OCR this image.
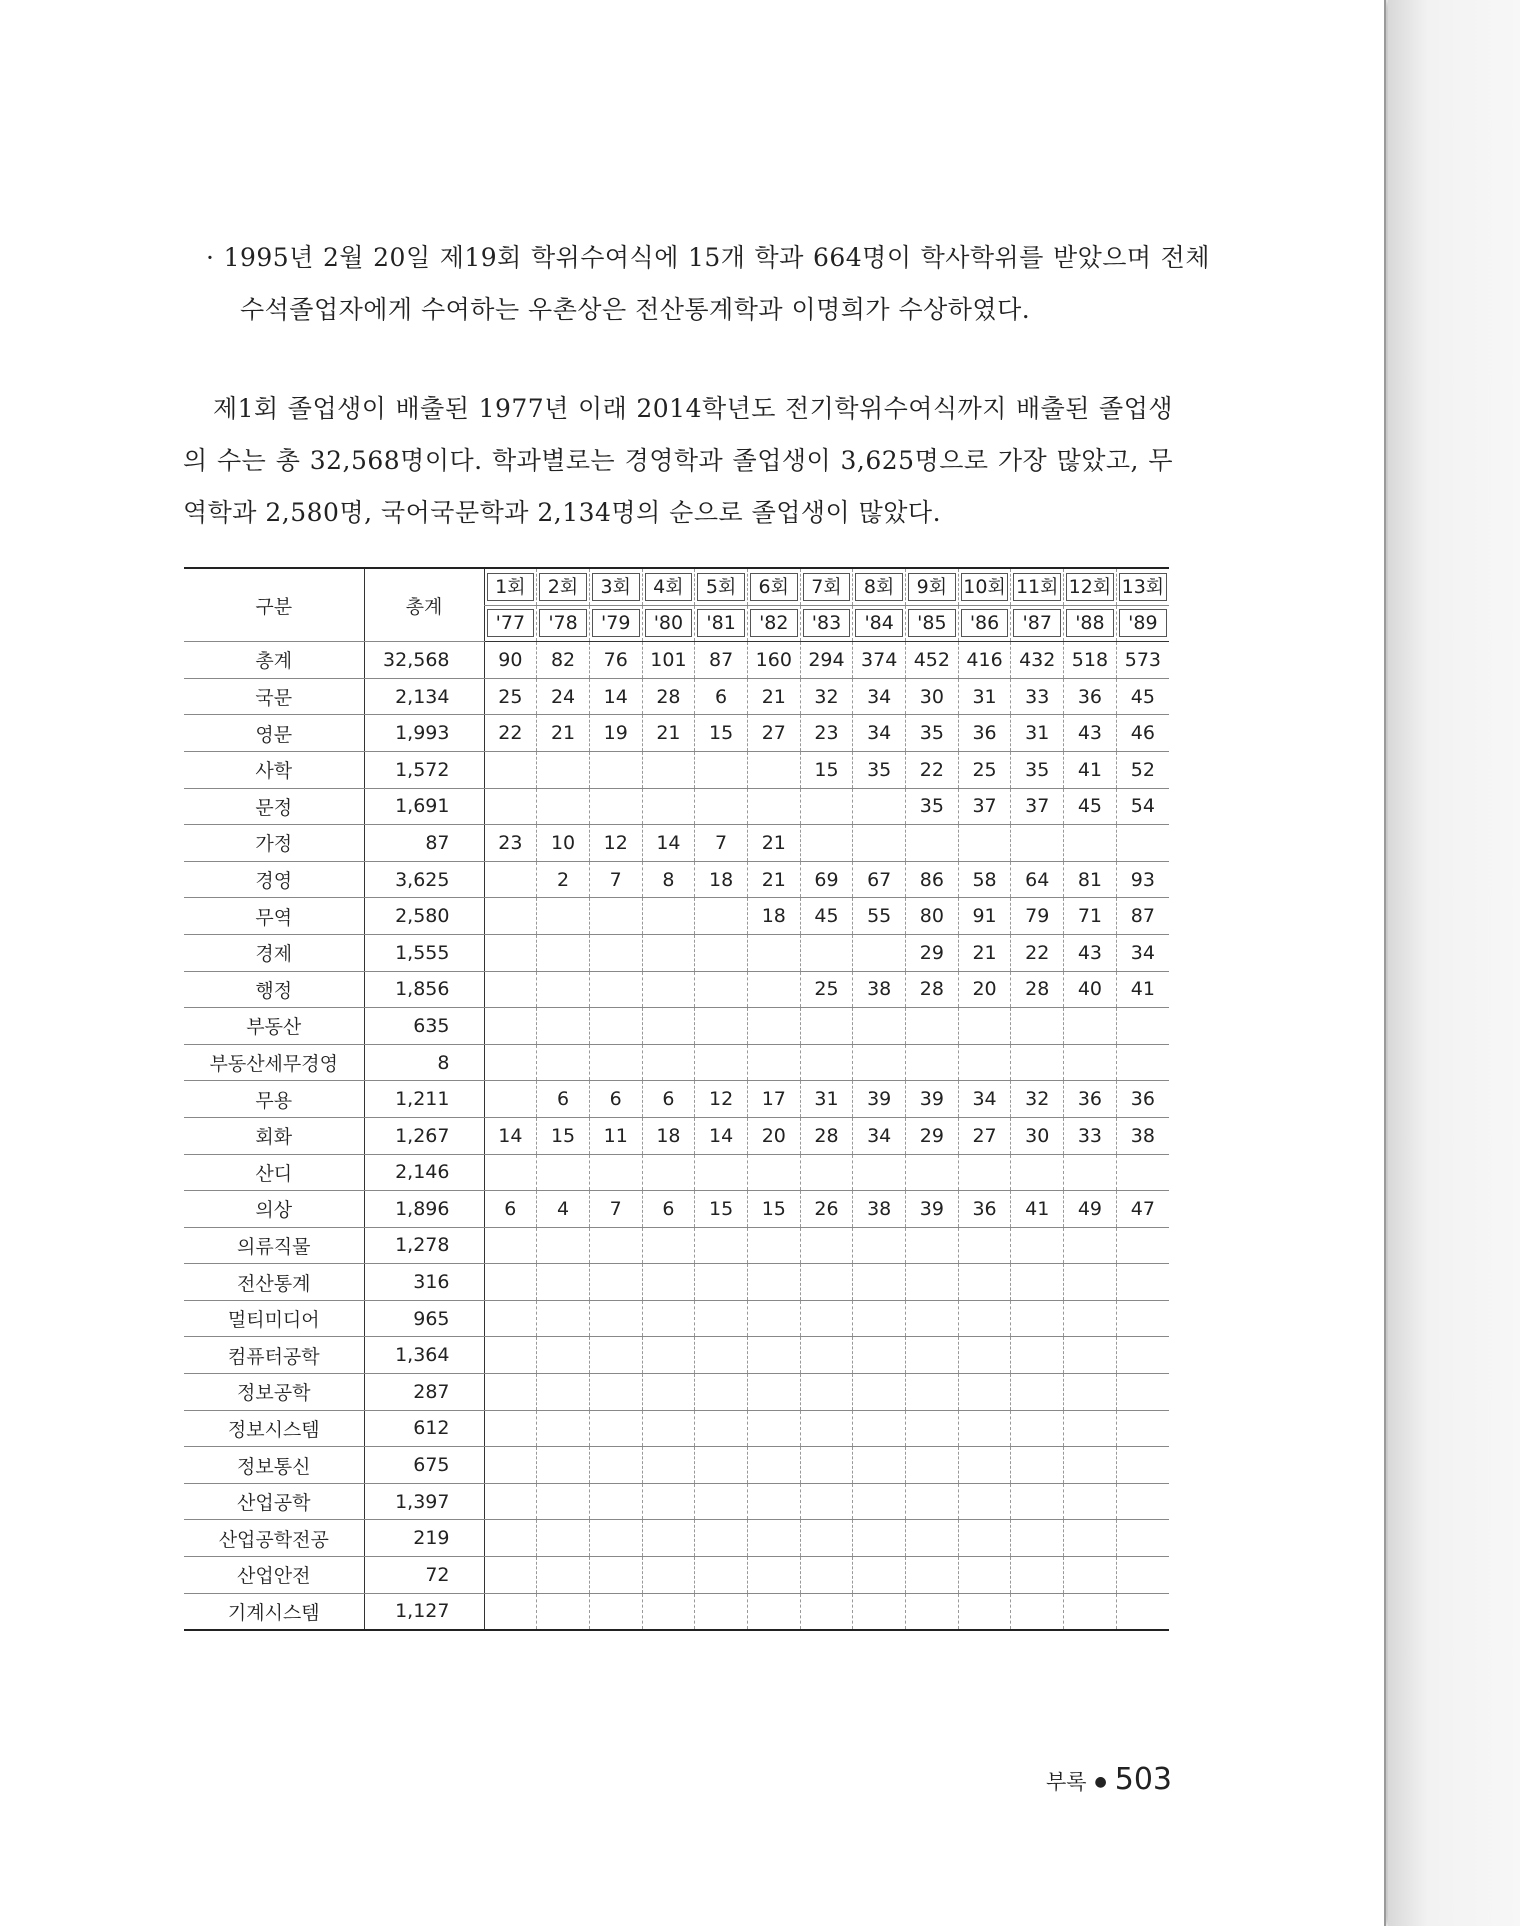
· 1995년 2월 20일 제19회 학위수여식에 15개 학과 664명이 학사학위를 받았으며 전체 수석졸업자에게 수여하는 우촌상은 전산통계학과 이명희가 수상하였다.

제1회 졸업생이 배출된 1977년 이래 2014학년도 전기학위수여식까지 배출된 졸업생의 수는 총 32,568명이다. 학과별로는 경영학과 졸업생이 3,625명으로 가장 많았고, 무역학과 2,580명, 국어국문학과 2,134명의 순으로 졸업생이 많았다.

구분	총계	1회	2회	3회	4회	5회	6회	7회	8회	9회	10회	11회	12회	13회

		'77	'78	'79	'80	'81	'82	'83	'84	'85	'86	'87	'88	'89

총계	32,568	90	82	76	101	87	160	294	374	452	416	432	518	573
국문	2,134	25	24	14	28	6	21	32	34	30	31	33	36	45
영문	1,993	22	21	19	21	15	27	23	34	35	36	31	43	46
사학	1,572							15	35	22	25	35	41	52
문정	1,691									35	37	37	45	54
가정	87	23	10	12	14	7	21							
경영	3,625		2	7	8	18	21	69	67	86	58	64	81	93
무역	2,580						18	45	55	80	91	79	71	87
경제	1,555									29	21	22	43	34
행정	1,856							25	38	28	20	28	40	41
부동산	635													
부동산세무경영	8													
무용	1,211		6	6	6	12	17	31	39	39	34	32	36	36
회화	1,267	14	15	11	18	14	20	28	34	29	27	30	33	38
산디	2,146													
의상	1,896	6	4	7	6	15	15	26	38	39	36	41	49	47
의류직물	1,278													
전산통계	316													
멀티미디어	965													
컴퓨터공학	1,364													
정보공학	287													
정보시스템	612													
정보통신	675													
산업공학	1,397													
산업공학전공	219													
산업안전	72													
기계시스템	1,127													
부록 ● 503
